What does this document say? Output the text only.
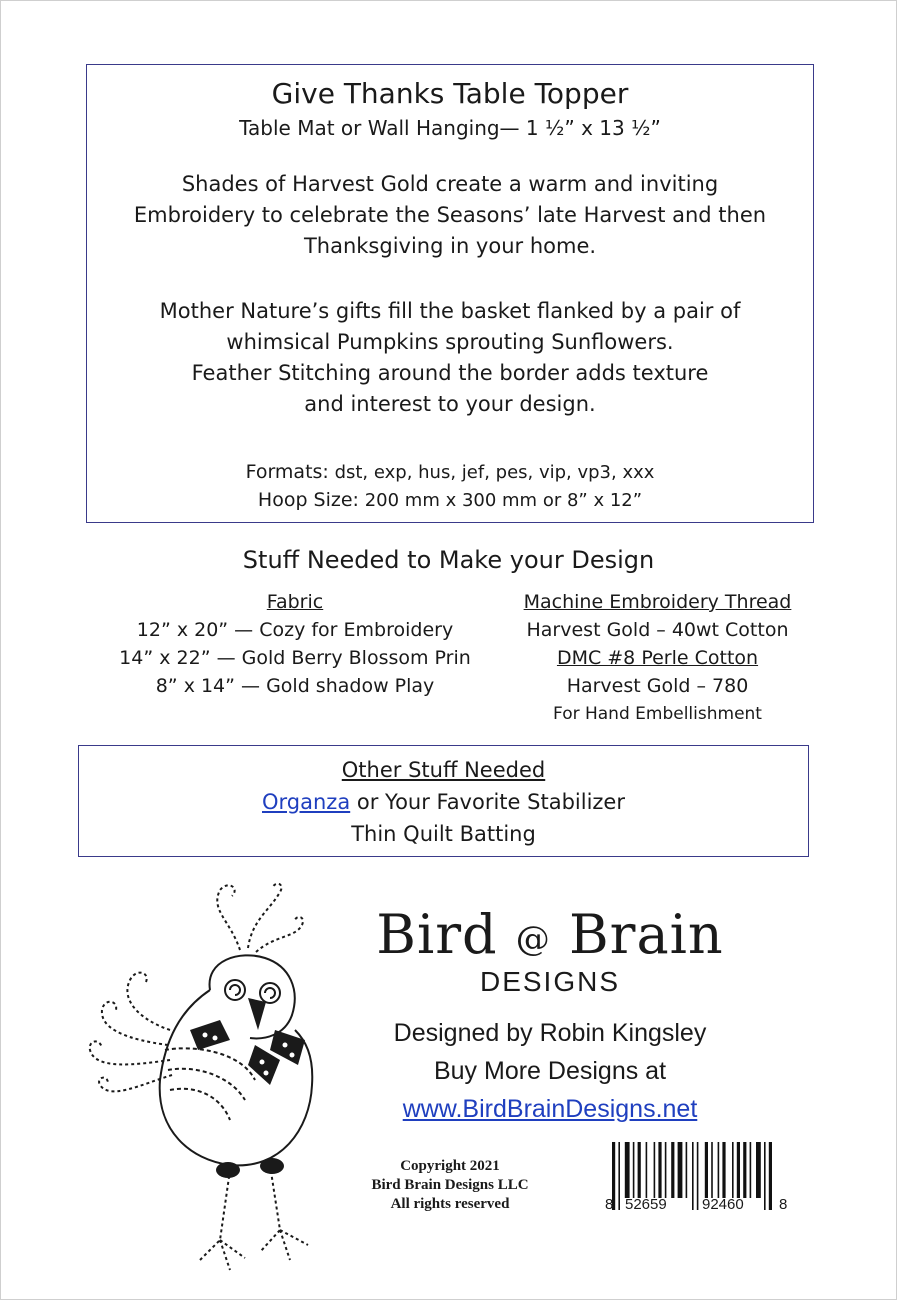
Give Thanks Table Topper
Table Mat or Wall Hanging— 1 ½” x 13 ½”
Shades of Harvest Gold create a warm and inviting
Embroidery to celebrate the Seasons’ late Harvest and then
Thanksgiving in your home.
Mother Nature’s gifts fill the basket flanked by a pair of
whimsical Pumpkins sprouting Sunflowers.
Feather Stitching around the border adds texture
and interest to your design.
Formats: dst, exp, hus, jef, pes, vip, vp3, xxx
Hoop Size: 200 mm x 300 mm or 8” x 12”
Stuff Needed to Make your Design
Fabric
12” x 20” — Cozy for Embroidery
14” x 22” — Gold Berry Blossom Prin
8” x 14” — Gold shadow Play
Machine Embroidery Thread
Harvest Gold – 40wt Cotton
DMC #8 Perle Cotton
Harvest Gold – 780
For Hand Embellishment
Other Stuff Needed
Organza or Your Favorite Stabilizer
Thin Quilt Batting
Bird @ Brain
DESIGNS
Designed by Robin Kingsley
Buy More Designs at
www.BirdBrainDesigns.net
Copyright 2021
Bird Brain Designs LLC
All rights reserved	8 52659 92460 8
